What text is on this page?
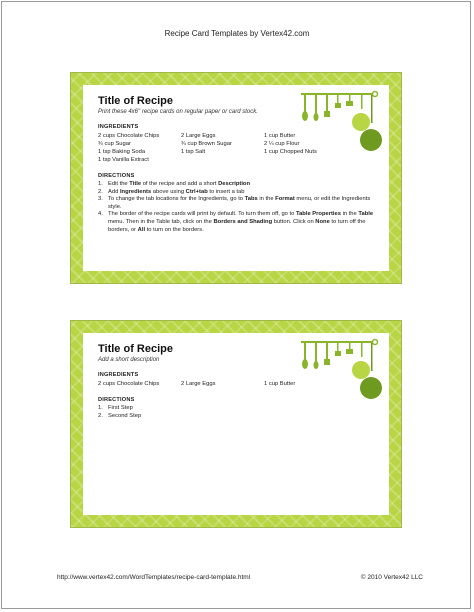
Recipe Card Templates by Vertex42.com
Title of Recipe
Print these 4x6" recipe cards on regular paper or card stock.
INGREDIENTS
2 cups Chocolate Chips	2 Large Eggs	1 cup Butter
¾ cup Sugar	¾ cup Brown Sugar	2 ¼ cup Flour
1 tsp Baking Soda	1 tsp Salt	1 cup Chopped Nuts
1 tsp Vanilla Extract
DIRECTIONS
1. Edit the Title of the recipe and add a short Description
2. Add Ingredients above using Ctrl+tab to insert a tab
3. To change the tab locations for the Ingredients, go to Tabs in the Format menu, or edit the Ingredients style.
4. The border of the recipe cards will print by default. To turn them off, go to Table Properties in the Table menu. Then in the Table tab, click on the Borders and Shading button. Click on None to turn off the borders, or All to turn on the borders.
Title of Recipe
Add a short description
INGREDIENTS
2 cups Chocolate Chips	2 Large Eggs	1 cup Butter
DIRECTIONS
1. First Step
2. Second Step
http://www.vertex42.com/WordTemplates/recipe-card-template.html	© 2010 Vertex42 LLC
